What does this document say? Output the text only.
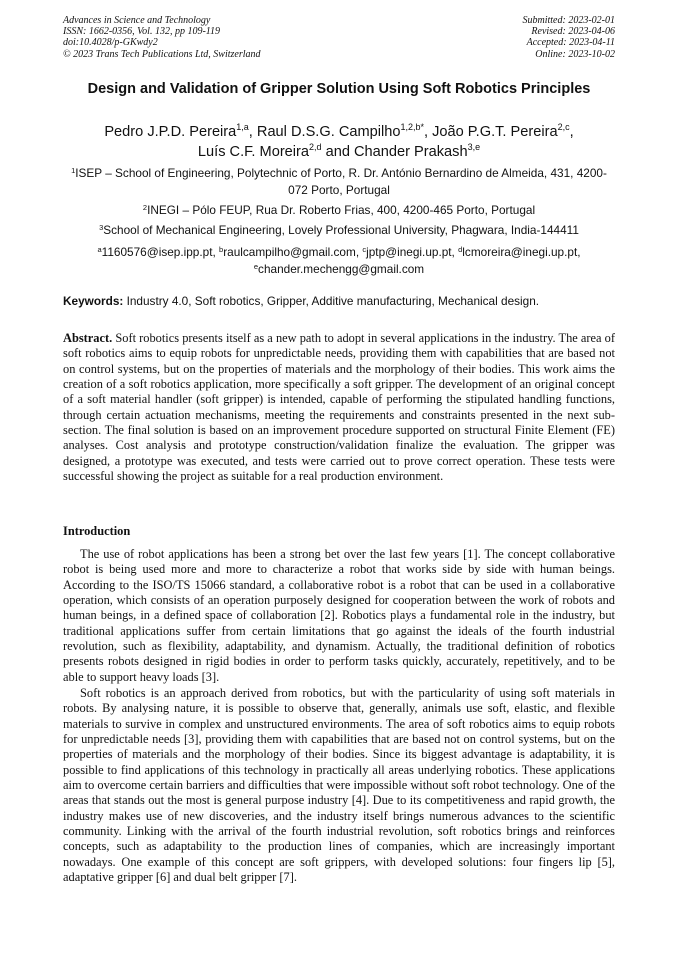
Advances in Science and Technology
ISSN: 1662-0356, Vol. 132, pp 109-119
doi:10.4028/p-GKwdy2
© 2023 Trans Tech Publications Ltd, Switzerland
Submitted: 2023-02-01
Revised: 2023-04-06
Accepted: 2023-04-11
Online: 2023-10-02
Design and Validation of Gripper Solution Using Soft Robotics Principles
Pedro J.P.D. Pereira$^{1,a}$, Raul D.S.G. Campilho$^{1,2,b*}$, João P.G.T. Pereira$^{2,c}$,
Luís C.F. Moreira$^{2,d}$ and Chander Prakash$^{3,e}$
$^1$ISEP – School of Engineering, Polytechnic of Porto, R. Dr. António Bernardino de Almeida, 431, 4200-072 Porto, Portugal
$^2$INEGI – Pólo FEUP, Rua Dr. Roberto Frias, 400, 4200-465 Porto, Portugal
$^3$School of Mechanical Engineering, Lovely Professional University, Phagwara, India-144411
$^a$1160576@isep.ipp.pt, $^b$raulcampilho@gmail.com, $^c$jptp@inegi.up.pt, $^d$lcmoreira@inegi.up.pt,
$^e$chander.mechengg@gmail.com
Keywords: Industry 4.0, Soft robotics, Gripper, Additive manufacturing, Mechanical design.
Abstract. Soft robotics presents itself as a new path to adopt in several applications in the industry. The area of soft robotics aims to equip robots for unpredictable needs, providing them with capabilities that are based not on control systems, but on the properties of materials and the morphology of their bodies. This work aims the creation of a soft robotics application, more specifically a soft gripper. The development of an original concept of a soft material handler (soft gripper) is intended, capable of performing the stipulated handling functions, through certain actuation mechanisms, meeting the requirements and constraints presented in the next sub-section. The final solution is based on an improvement procedure supported on structural Finite Element (FE) analyses. Cost analysis and prototype construction/validation finalize the evaluation. The gripper was designed, a prototype was executed, and tests were carried out to prove correct operation. These tests were successful showing the project as suitable for a real production environment.
Introduction
The use of robot applications has been a strong bet over the last few years [1]. The concept collaborative robot is being used more and more to characterize a robot that works side by side with human beings. According to the ISO/TS 15066 standard, a collaborative robot is a robot that can be used in a collaborative operation, which consists of an operation purposely designed for cooperation between the work of robots and human beings, in a defined space of collaboration [2]. Robotics plays a fundamental role in the industry, but traditional applications suffer from certain limitations that go against the ideals of the fourth industrial revolution, such as flexibility, adaptability, and dynamism. Actually, the traditional definition of robotics presents robots designed in rigid bodies in order to perform tasks quickly, accurately, repetitively, and to be able to support heavy loads [3].
Soft robotics is an approach derived from robotics, but with the particularity of using soft materials in robots. By analysing nature, it is possible to observe that, generally, animals use soft, elastic, and flexible materials to survive in complex and unstructured environments. The area of soft robotics aims to equip robots for unpredictable needs [3], providing them with capabilities that are based not on control systems, but on the properties of materials and the morphology of their bodies. Since its biggest advantage is adaptability, it is possible to find applications of this technology in practically all areas underlying robotics. These applications aim to overcome certain barriers and difficulties that were impossible without soft robot technology. One of the areas that stands out the most is general purpose industry [4]. Due to its competitiveness and rapid growth, the industry makes use of new discoveries, and the industry itself brings numerous advances to the scientific community. Linking with the arrival of the fourth industrial revolution, soft robotics brings and reinforces concepts, such as adaptability to the production lines of companies, which are increasingly important nowadays. One example of this concept are soft grippers, with developed solutions: four fingers lip [5], adaptative gripper [6] and dual belt gripper [7].
